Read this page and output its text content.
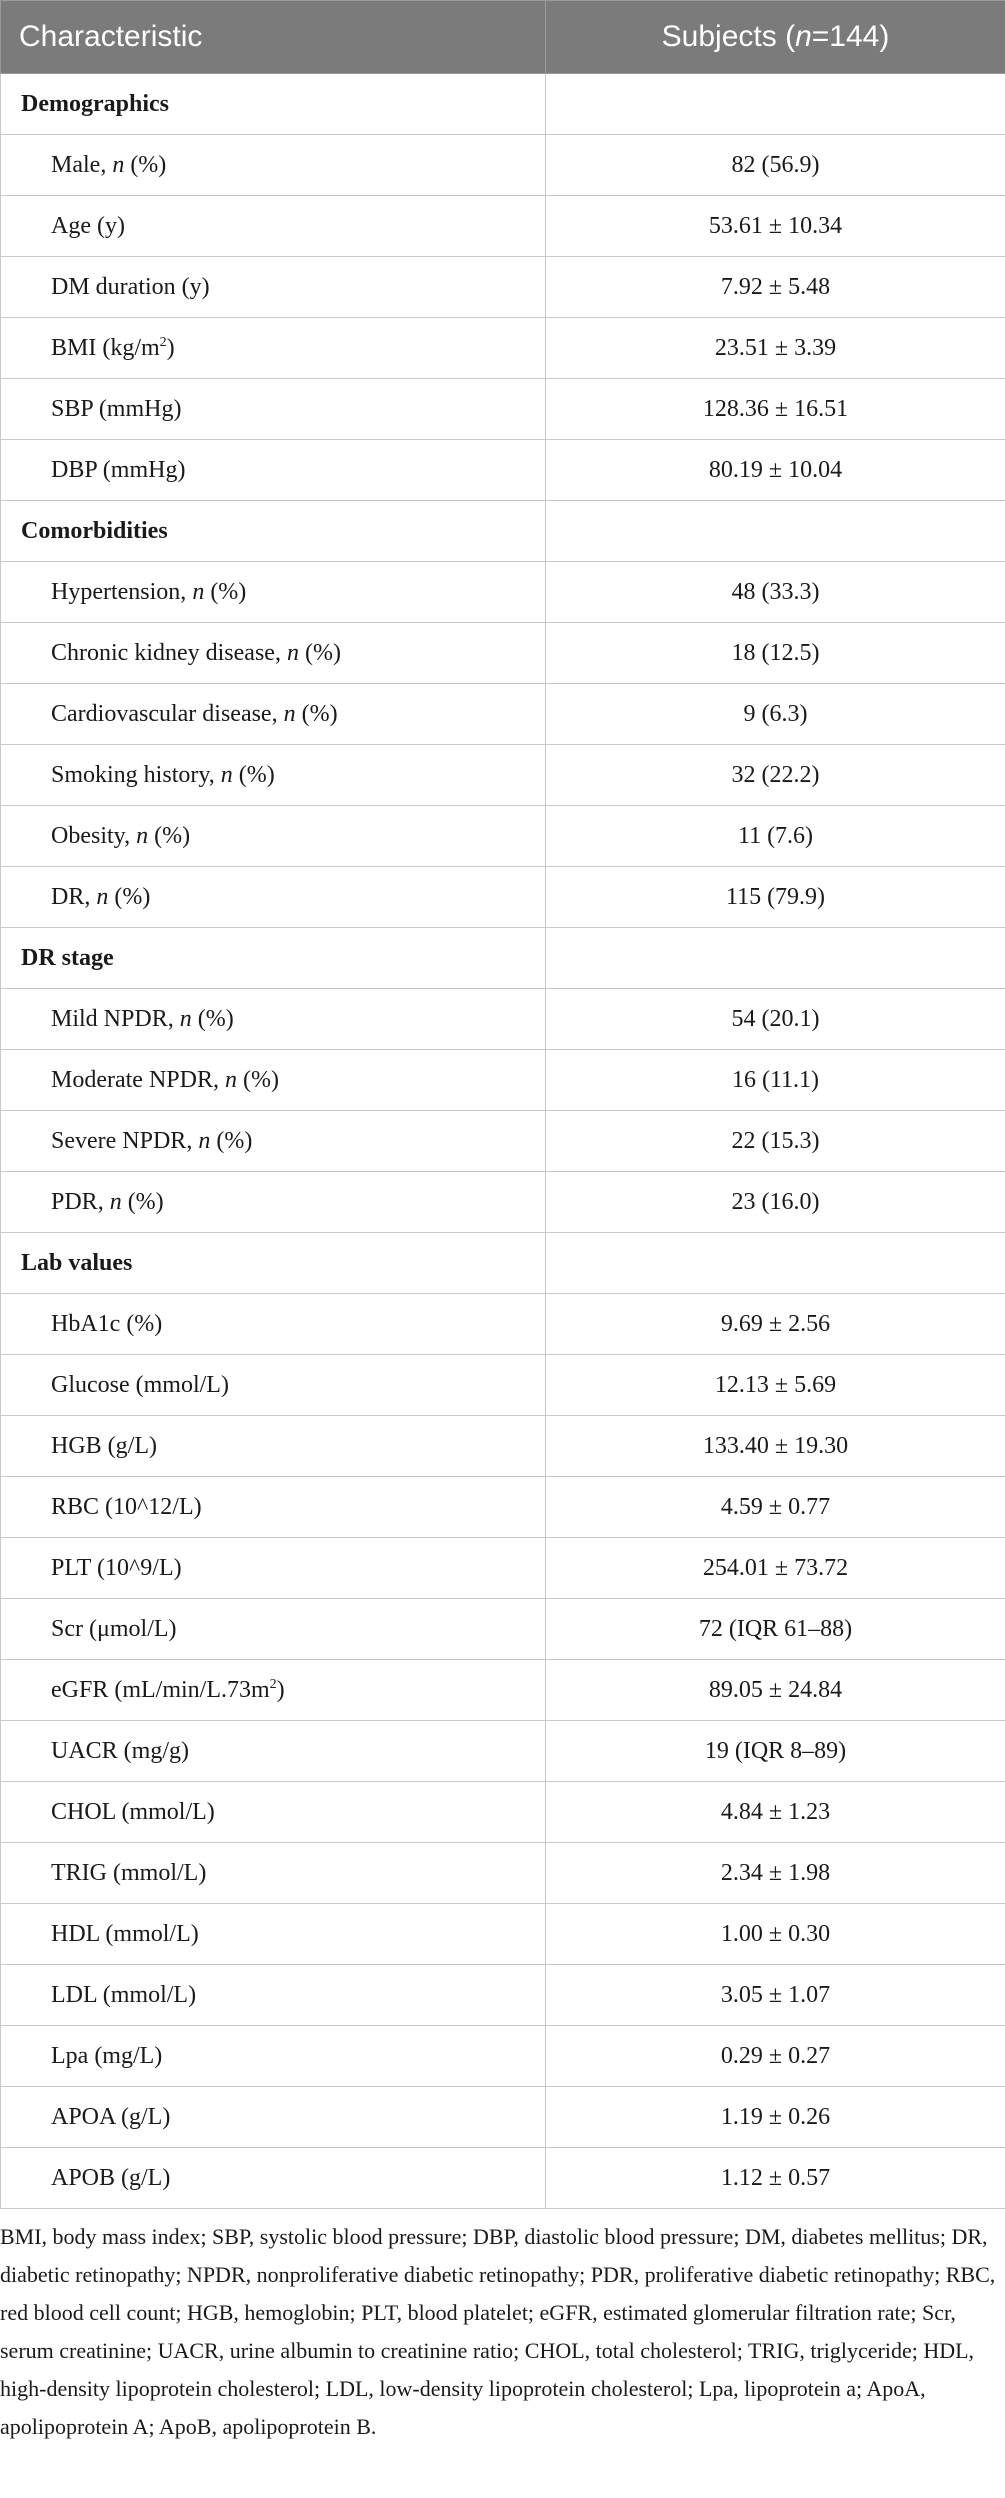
Characteristic	Subjects (n=144)
Demographics	
Male, n (%)	82 (56.9)
Age (y)	53.61 ± 10.34
DM duration (y)	7.92 ± 5.48
BMI $(kg/m^2)$	23.51 ± 3.39
SBP (mmHg)	128.36 ± 16.51
DBP (mmHg)	80.19 ± 10.04
Comorbidities	
Hypertension, n (%)	48 (33.3)
Chronic kidney disease, n (%)	18 (12.5)
Cardiovascular disease, n (%)	9 (6.3)
Smoking history, n (%)	32 (22.2)
Obesity, n (%)	11 (7.6)
DR, n (%)	115 (79.9)
DR stage	
Mild NPDR, n (%)	54 (20.1)
Moderate NPDR, n (%)	16 (11.1)
Severe NPDR, n (%)	22 (15.3)
PDR, n (%)	23 (16.0)
Lab values	
HbA1c (%)	9.69 ± 2.56
Glucose (mmol/L)	12.13 ± 5.69
HGB (g/L)	133.40 ± 19.30
RBC (10^12/L)	4.59 ± 0.77
PLT (10^9/L)	254.01 ± 73.72
Scr (μmol/L)	72 (IQR 61–88)
eGFR $(mL/\min/L.73m^2)$	89.05 ± 24.84
UACR (mg/g)	19 (IQR 8–89)
CHOL (mmol/L)	4.84 ± 1.23
TRIG (mmol/L)	2.34 ± 1.98
HDL (mmol/L)	1.00 ± 0.30
LDL (mmol/L)	3.05 ± 1.07
Lpa (mg/L)	0.29 ± 0.27
APOA (g/L)	1.19 ± 0.26
APOB (g/L)	1.12 ± 0.57
BMI, body mass index; SBP, systolic blood pressure; DBP, diastolic blood pressure; DM, diabetes mellitus; DR, diabetic retinopathy; NPDR, nonproliferative diabetic retinopathy; PDR, proliferative diabetic retinopathy; RBC, red blood cell count; HGB, hemoglobin; PLT, blood platelet; eGFR, estimated glomerular filtration rate; Scr, serum creatinine; UACR, urine albumin to creatinine ratio; CHOL, total cholesterol; TRIG, triglyceride; HDL, high-density lipoprotein cholesterol; LDL, low-density lipoprotein cholesterol; Lpa, lipoprotein a; ApoA, apolipoprotein A; ApoB, apolipoprotein B.
